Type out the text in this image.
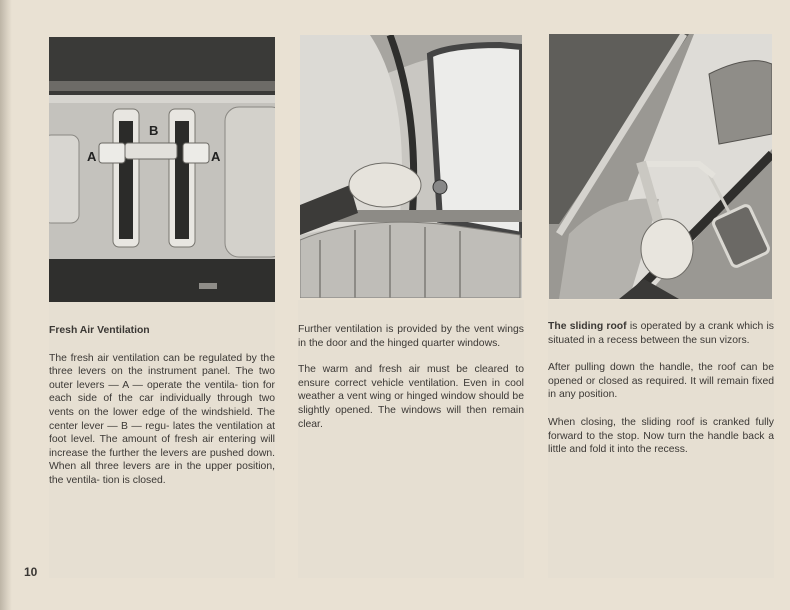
A
B
A
Fresh Air Ventilation
The fresh air ventilation can be regulated by the three levers on the instrument panel. The two outer levers — A — operate the ventila- tion for each side of the car individually through two vents on the lower edge of the windshield. The center lever — B — regu- lates the ventilation at foot level. The amount of fresh air entering will increase the further the levers are pushed down. When all three levers are in the upper position, the ventila- tion is closed.
Further ventilation is provided by the vent wings in the door and the hinged quarter windows.
The warm and fresh air must be cleared to ensure correct vehicle ventilation. Even in cool weather a vent wing or hinged window should be slightly opened. The windows will then remain clear.
The sliding roof is operated by a crank which is situated in a recess between the sun vizors.
After pulling down the handle, the roof can be opened or closed as required. It will remain fixed in any position.
When closing, the sliding roof is cranked fully forward to the stop. Now turn the handle back a little and fold it into the recess.
10
